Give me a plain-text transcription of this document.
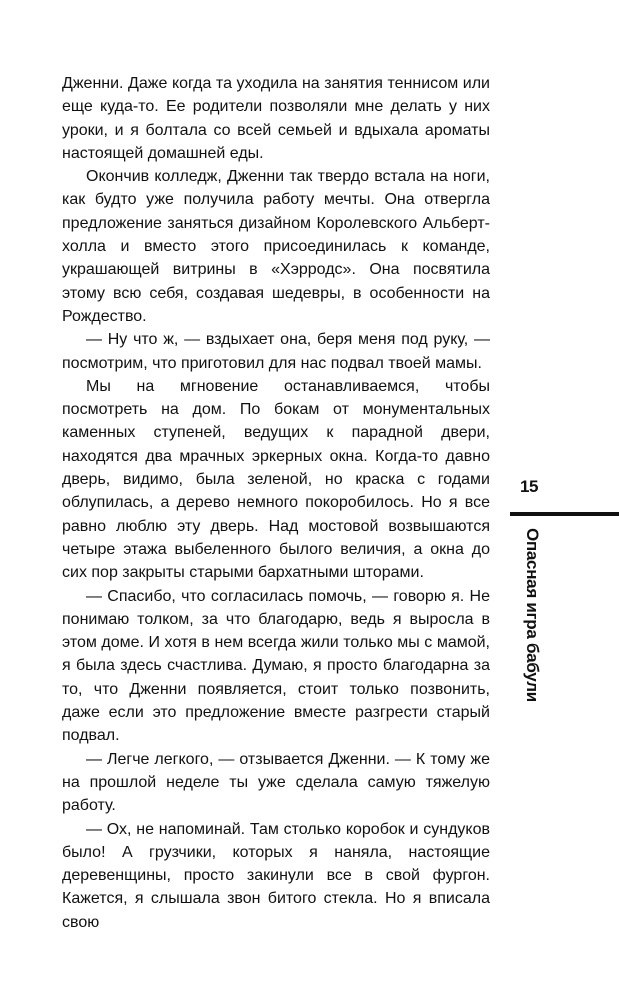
Дженни. Даже когда та уходила на занятия теннисом или еще куда-то. Ее родители позволяли мне делать у них уроки, и я болтала со всей семьей и вдыхала ароматы настоящей домашней еды.

Окончив колледж, Дженни так твердо встала на ноги, как будто уже получила работу мечты. Она отвергла предложение заняться дизайном Королевского Альберт-холла и вместо этого присоединилась к команде, украшающей витрины в «Хэрродс». Она посвятила этому всю себя, создавая шедевры, в особенности на Рождество.

— Ну что ж, — вздыхает она, беря меня под руку, — посмотрим, что приготовил для нас подвал твоей мамы.

Мы на мгновение останавливаемся, чтобы посмотреть на дом. По бокам от монументальных каменных ступеней, ведущих к парадной двери, находятся два мрачных эркерных окна. Когда-то давно дверь, видимо, была зеленой, но краска с годами облупилась, а дерево немного покоробилось. Но я все равно люблю эту дверь. Над мостовой возвышаются четыре этажа выбеленного былого величия, а окна до сих пор закрыты старыми бархатными шторами.

— Спасибо, что согласилась помочь, — говорю я. Не понимаю толком, за что благодарю, ведь я выросла в этом доме. И хотя в нем всегда жили только мы с мамой, я была здесь счастлива. Думаю, я просто благодарна за то, что Дженни появляется, стоит только позвонить, даже если это предложение вместе разгрести старый подвал.

— Легче легкого, — отзывается Дженни. — К тому же на прошлой неделе ты уже сделала самую тяжелую работу.

— Ох, не напоминай. Там столько коробок и сундуков было! А грузчики, которых я наняла, настоящие деревенщины, просто закинули все в свой фургон. Кажется, я слышала звон битого стекла. Но я вписала свою

15
Опасная игра бабули
